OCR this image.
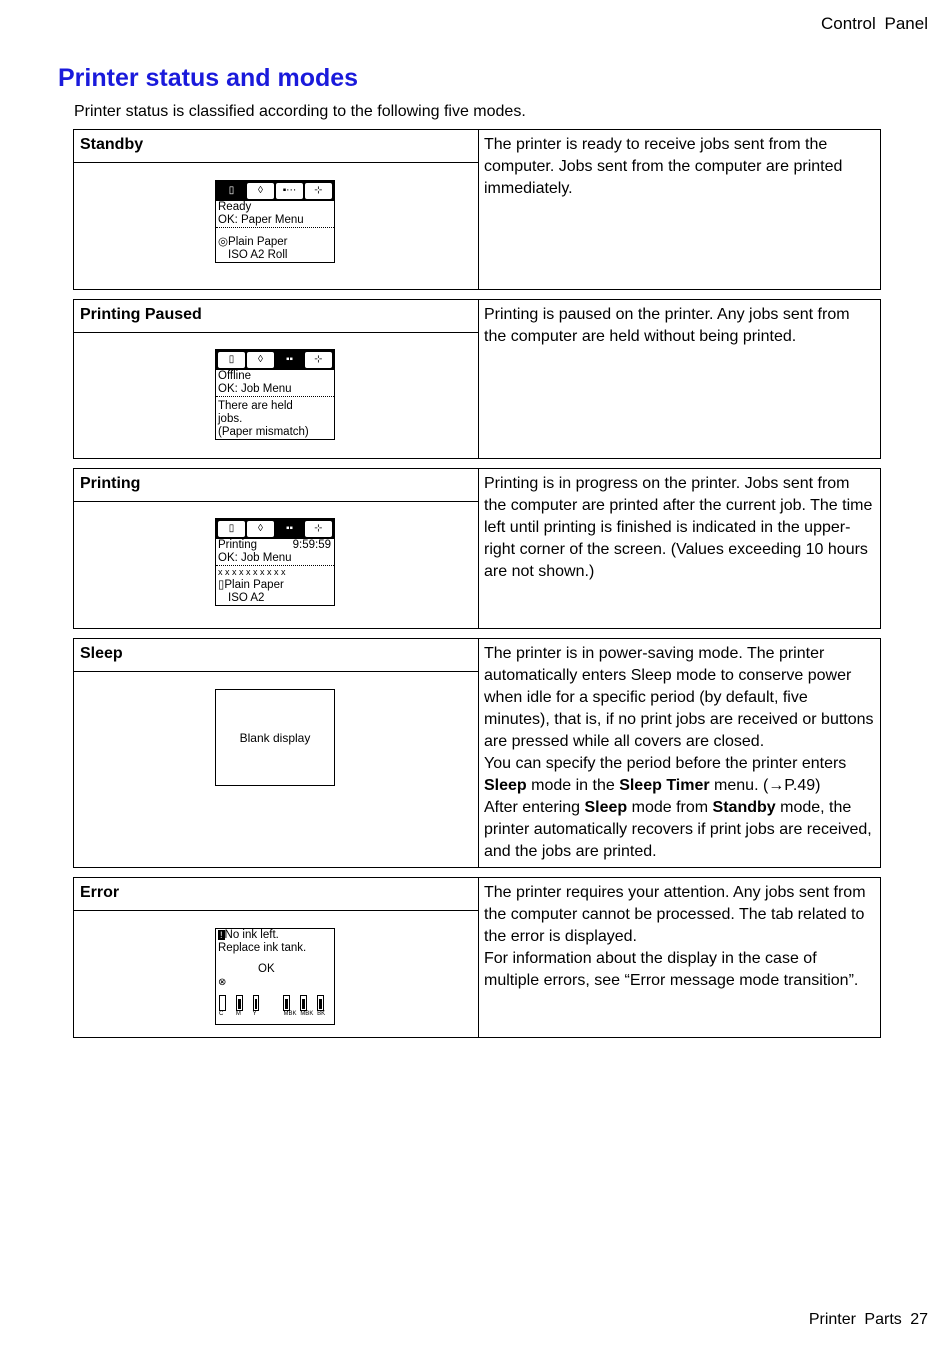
Control Panel
Printer status and modes
Printer status is classified according to the following five modes.
Standby
▯	◊	▪⋯	⊹
Ready
OK: Paper Menu
◎Plain Paper
ISO A2 Roll
The printer is ready to receive jobs sent from the computer. Jobs sent from the computer are printed immediately.
Printing Paused
▯	◊	▪▪	⊹
Offline
OK: Job Menu
There are held
jobs.
(Paper mismatch)
Printing is paused on the printer. Any jobs sent from the computer are held without being printed.
Printing
▯	◊	▪▪	⊹
Printing	9:59:59
OK: Job Menu
x x x x x x x x x x
▯Plain Paper
ISO A2
Printing is in progress on the printer. Jobs sent from the computer are printed after the current job. The time left until printing is finished is indicated in the upper-right corner of the screen. (Values exceeding 10 hours are not shown.)
Sleep
Blank display

The printer is in power-saving mode. The printer automatically enters Sleep mode to conserve power when idle for a specific period (by default, five minutes), that is, if no print jobs are received or buttons are pressed while all covers are closed.

You can specify the period before the printer enters Sleep mode in the Sleep Timer menu. (→P.49)

After entering Sleep mode from Standby mode, the printer automatically recovers if print jobs are received, and the jobs are printed.

Error
! No ink left.
Replace ink tank.
OK
⊗
C	M	Y	MBK MBK BK

The printer requires your attention. Any jobs sent from the computer cannot be processed. The tab related to the error is displayed.

For information about the display in the case of multiple errors, see “Error message mode transition”.

Printer Parts 27
